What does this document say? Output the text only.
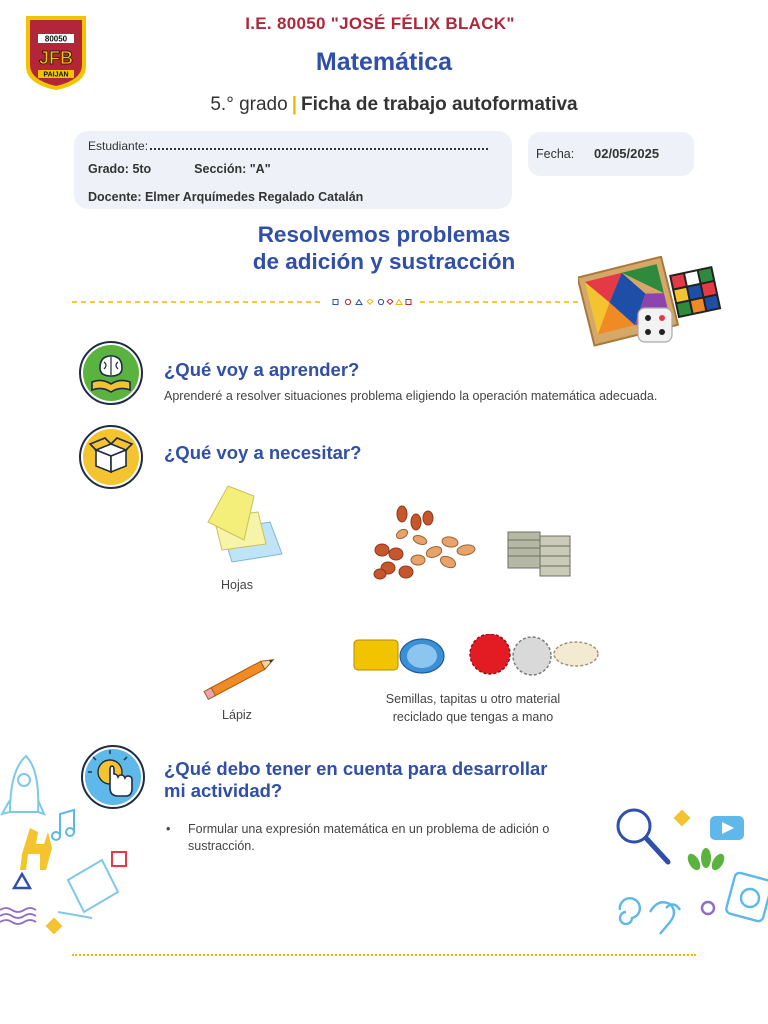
80050
JFB
PAIJAN
I.E. 80050 "JOSÉ FÉLIX BLACK"
Matemática
5.° grado | Ficha de trabajo autoformativa
Estudiante:
Grado: 5to	Sección: "A"
Docente: Elmer Arquímedes Regalado Catalán
Fecha: 02/05/2025
Resolvemos problemas
de adición y sustracción
¿Qué voy a aprender?
Aprenderé a resolver situaciones problema eligiendo la operación matemática adecuada.
¿Qué voy a necesitar?
Hojas
Lápiz
Semillas, tapitas u otro material
reciclado que tengas a mano
¿Qué debo tener en cuenta para desarrollar
mi actividad?
• Formular una expresión matemática en un problema de adición o sustracción.
